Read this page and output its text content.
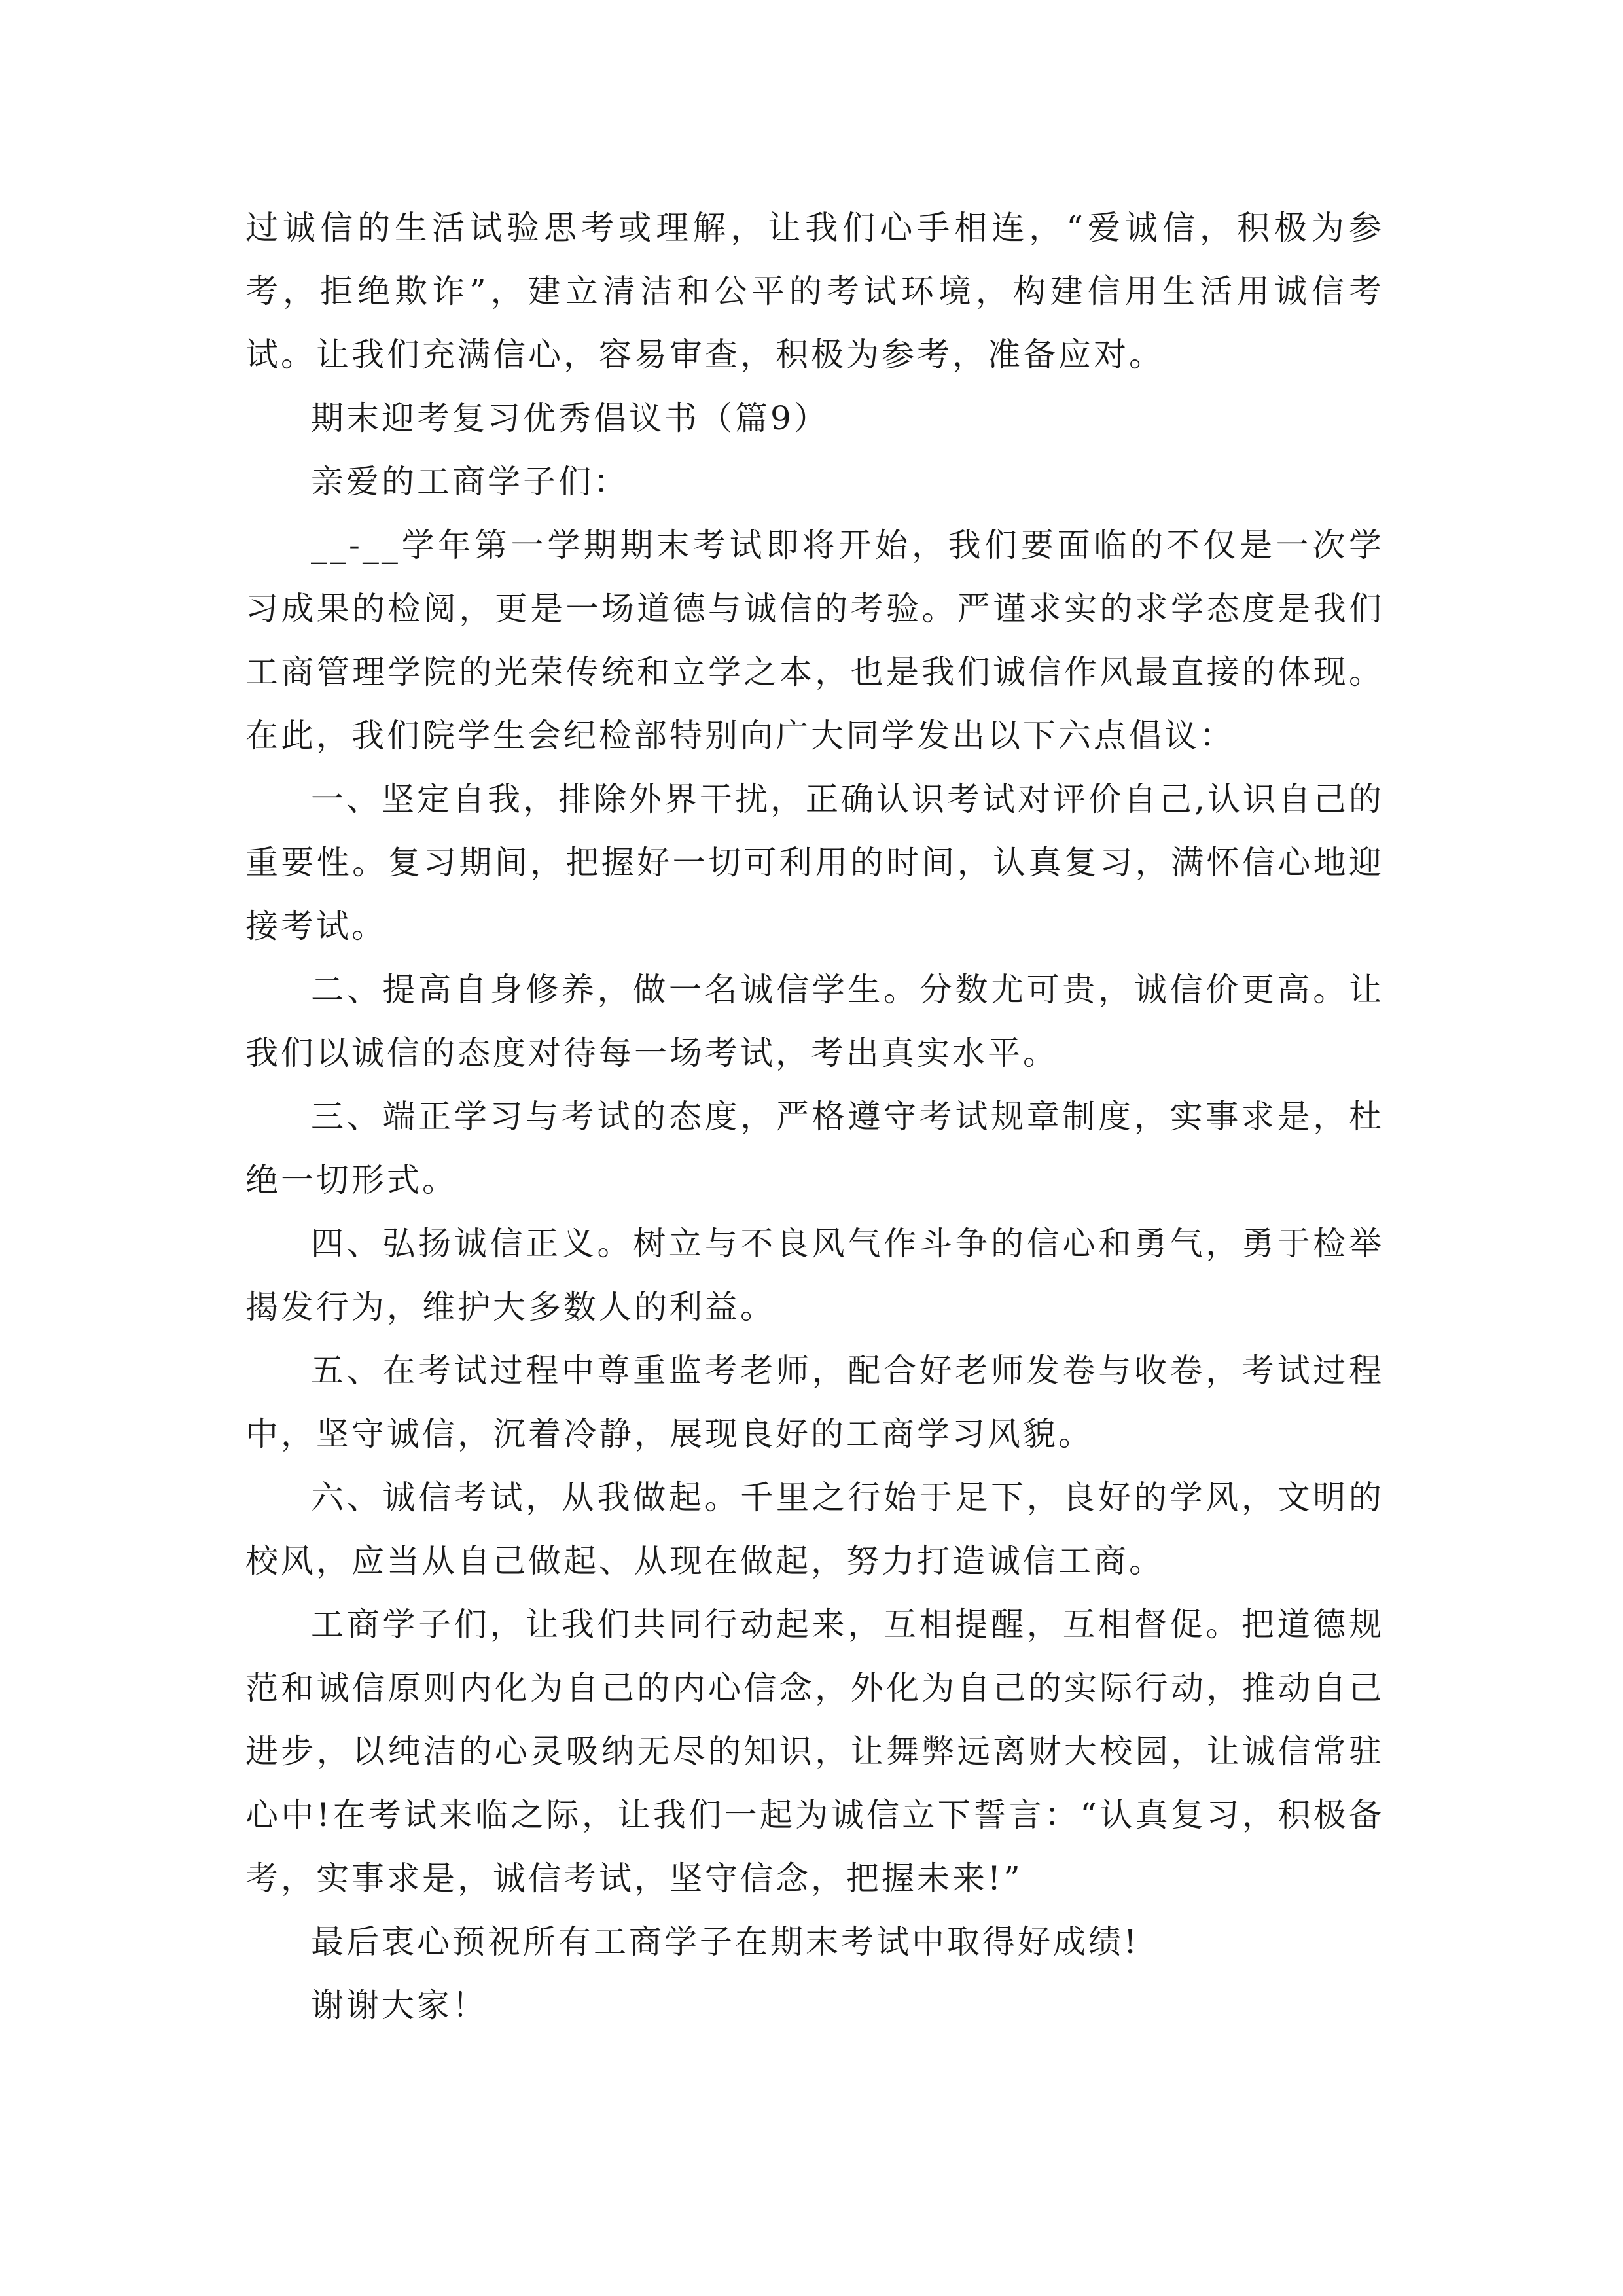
过诚信的生活试验思考或理解，让我们心手相连，“爱诚信，积极为参考，拒绝欺诈”，建立清洁和公平的考试环境，构建信用生活用诚信考试。让我们充满信心，容易审查，积极为参考，准备应对。

期末迎考复习优秀倡议书（篇9）

亲爱的工商学子们：

__-__学年第一学期期末考试即将开始，我们要面临的不仅是一次学习成果的检阅，更是一场道德与诚信的考验。严谨求实的求学态度是我们工商管理学院的光荣传统和立学之本，也是我们诚信作风最直接的体现。在此，我们院学生会纪检部特别向广大同学发出以下六点倡议：

一、坚定自我，排除外界干扰，正确认识考试对评价自己,认识自己的重要性。复习期间，把握好一切可利用的时间，认真复习，满怀信心地迎接考试。

二、提高自身修养，做一名诚信学生。分数尤可贵，诚信价更高。让我们以诚信的态度对待每一场考试，考出真实水平。

三、端正学习与考试的态度，严格遵守考试规章制度，实事求是，杜绝一切形式。

四、弘扬诚信正义。树立与不良风气作斗争的信心和勇气，勇于检举揭发行为，维护大多数人的利益。

五、在考试过程中尊重监考老师，配合好老师发卷与收卷，考试过程中，坚守诚信，沉着冷静，展现良好的工商学习风貌。

六、诚信考试，从我做起。千里之行始于足下，良好的学风，文明的校风，应当从自己做起、从现在做起，努力打造诚信工商。

工商学子们，让我们共同行动起来，互相提醒，互相督促。把道德规范和诚信原则内化为自己的内心信念，外化为自己的实际行动，推动自己进步，以纯洁的心灵吸纳无尽的知识，让舞弊远离财大校园，让诚信常驻心中!在考试来临之际，让我们一起为诚信立下誓言：“认真复习，积极备考，实事求是，诚信考试，坚守信念，把握未来!”

最后衷心预祝所有工商学子在期末考试中取得好成绩!

谢谢大家！
